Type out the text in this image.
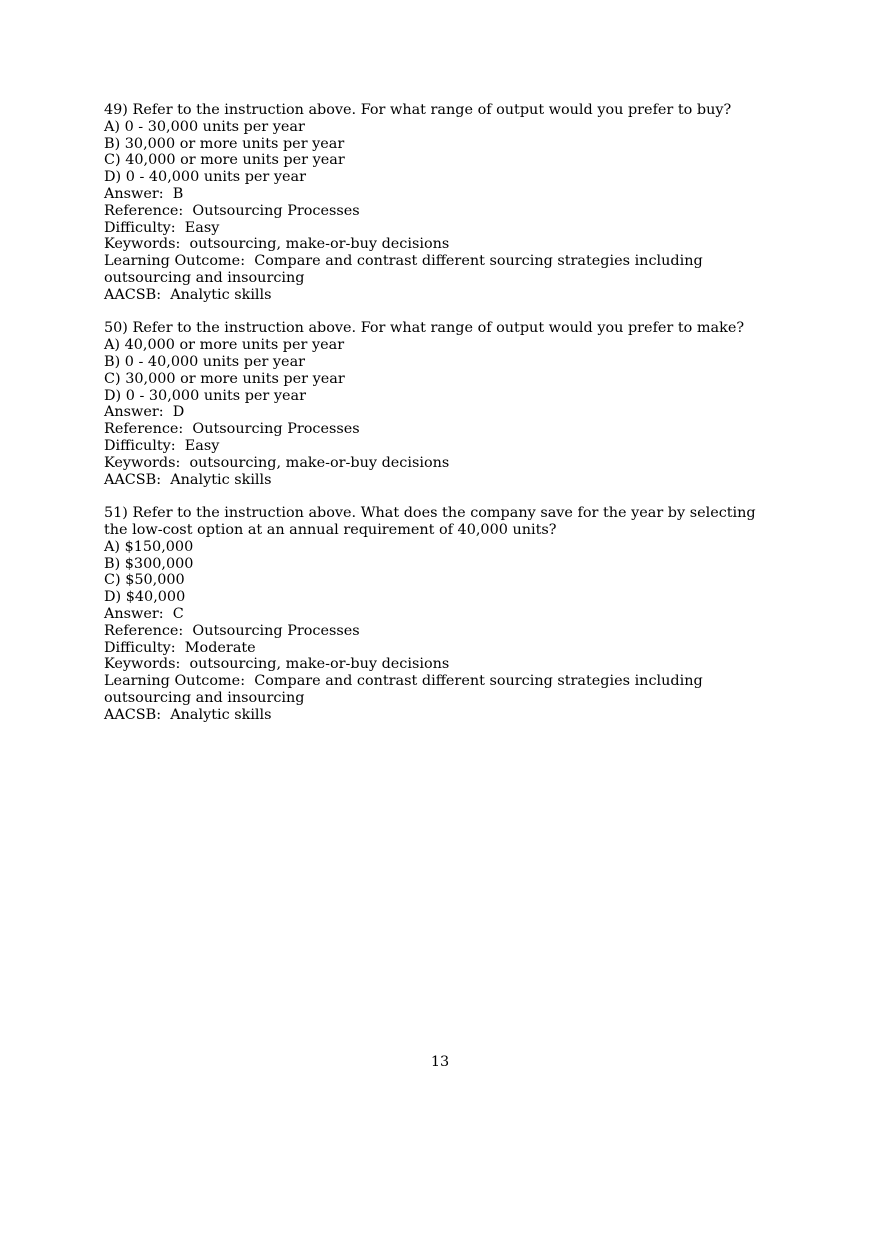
49) Refer to the instruction above. For what range of output would you prefer to buy?
A) 0 - 30,000 units per year
B) 30,000 or more units per year
C) 40,000 or more units per year
D) 0 - 40,000 units per year
Answer:  B
Reference:  Outsourcing Processes
Difficulty:  Easy
Keywords:  outsourcing, make-or-buy decisions
Learning Outcome:  Compare and contrast different sourcing strategies including
outsourcing and insourcing
AACSB:  Analytic skills
50) Refer to the instruction above. For what range of output would you prefer to make?
A) 40,000 or more units per year
B) 0 - 40,000 units per year
C) 30,000 or more units per year
D) 0 - 30,000 units per year
Answer:  D
Reference:  Outsourcing Processes
Difficulty:  Easy
Keywords:  outsourcing, make-or-buy decisions
AACSB:  Analytic skills
51) Refer to the instruction above. What does the company save for the year by selecting
the low-cost option at an annual requirement of 40,000 units?
A) $150,000
B) $300,000
C) $50,000
D) $40,000
Answer:  C
Reference:  Outsourcing Processes
Difficulty:  Moderate
Keywords:  outsourcing, make-or-buy decisions
Learning Outcome:  Compare and contrast different sourcing strategies including
outsourcing and insourcing
AACSB:  Analytic skills
13
